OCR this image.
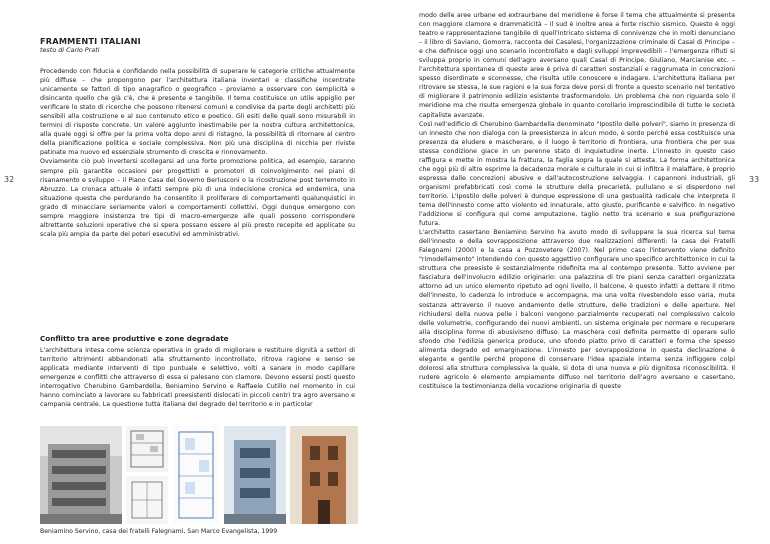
32
FRAMMENTI ITALIANI
testo di Carlo Prati

Procedendo con fiducia e confidando nella possibilità di superare le categorie critiche attualmente più diffuse – che propongono per l'architettura italiana inventari e classifiche incentrate unicamente se fattori di tipo anagrafico o geografico – proviamo a osservare con semplicità e disincanto quello che già c'è, che è presente e tangibile. Il tema costituisce un utile appiglio per verificare lo stato di ricerche che possono ritenersi comuni e condivise da parte degli architetti più sensibili alla costruzione e al suo contenuto etico e poetico. Gli esiti delle quali sono misurabili in termini di risposte concrete. Un valore aggiunto inestimabile per la nostra cultura architettonica, alla quale oggi si offre per la prima volta dopo anni di ristagno, la possibilità di ritornare al centro della pianificazione politica e sociale complessiva. Non più una disciplina di nicchia per riviste patinate ma nuovo ed essenziale strumento di crescita e rinnovamento.

Ovviamente ciò può invertersi scollegarsi ad una forte promozione politica, ad esempio, saranno sempre più garantite occasioni per progettisti e promotori di coinvolgimento nei piani di risanamento e sviluppo – il Piano Casa del Governo Berlusconi o la ricostruzione post terremoto in Abruzzo. La cronaca attuale è infatti sempre più di una indecisione cronica ed endemica, una situazione questa che perdurando ha consentito il proliferare di comportamenti qualunquistici in grado di minacciare seriamente valori e comportamenti collettivi. Oggi dunque emergono con sempre maggiore insistenza tre tipi di macro-emergenze alle quali possono corrispondere altrettante soluzioni operative che si spera possano essere al più presto recepite ed applicate su scala più ampia da parte dei poteri esecutivi ed amministrativi.

Conflitto tra aree produttive e zone degradate

L'architettura intesa come scienza operativa in grado di migliorare e restituire dignità a settori di territorio altrimenti abbandonati alla sfruttamento incontrollato, ritrova ragione e senso se applicata mediante interventi di tipo puntuale e selettivo, volti a sanare in modo capillare emergenze e conflitti che attraverso di essa si palesano con clamore. Devono essersi posti questo interrogativo Cherubino Gambardella, Beniamino Servino e Raffaele Cutillo nel momento in cui hanno cominciato a lavorare su fabbricati preesistenti dislocati in piccoli centri tra agro aversano e campania centrale. La questione tutta italiana del degrado del territorio e in particolar

Beniamino Servino, casa dei fratelli Falegnami, San Marco Evangelista, 1999
33

modo delle aree urbane ed extraurbane del meridione è forse il tema che attualmente si presenta con maggiore clamore e drammaticità – il sud è inoltre area a forte rischio sismico. Questo è oggi teatro e rappresentazione tangibile di quell'intricato sistema di connivenze che in molti denunciano – il libro di Saviano, Gomorra, racconta dei Casalesi, l'organizzazione criminale di Casal di Principe – e che definisce oggi uno scenario incontrollato e dagli sviluppi imprevedibili – l'emergenza rifiuti si sviluppa proprio in comuni dell'agro aversano quali Casal di Principe, Giuliano, Marcianise etc. – l'architettura spontanea di queste aree è priva di caratteri sostanziali e raggrumata in concrezioni spesso disordinate e sconnesse, che risulta utile conoscere e indagare. L'architettura italiana per ritrovare se stessa, le sue ragioni e la sua forza deve porsi di fronte a questo scenario nel tentativo di migliorare il patrimonio edilizio esistente trasformandolo. Un problema che non riguarda solo il meridione ma che risulta emergenza globale in quanto corollario imprescindibile di tutte le società capitaliste avanzate.

Così nell'edificio di Cherubino Gambardella denominato "Ipostilo delle polveri", siamo in presenza di un innesto che non dialoga con la preesistenza in alcun modo, è sordo perché essa costituisce una presenza da eludere e mascherare, e il luogo è territorio di frontiera, una frontiera che per sua stessa condizione giace in un perenne stato di inquietudine inerte. L'innesto in questo caso raffigura e mette in mostra la frattura, la faglia sopra la quale si attesta. La forma architettonica che oggi più di altre esprime la decadenza morale e culturale in cui si infiltra il malaffare, è proprio espressa dalle concrezioni abusive e dall'autocostruzione selvaggia. I capannoni industriali, gli organismi prefabbricati così come le strutture della precarietà, pullulano e si disperdono nel territorio. L'Ipostilo delle polveri è dunque espressione di una gestualità radicale che interpreta il tema dell'innesto come atto violento ed innaturale, atto giusto, purificante e salvifico. In negativo l'addizione si configura qui come amputazione, taglio netto tra scenario e sua prefigurazione futura.

L'architetto casertano Beniamino Servino ha avuto modo di sviluppare la sua ricerca sul tema dell'innesto e della sovrapposizione attraverso due realizzazioni differenti: la casa dei Fratelli Falegnami (2000) e la casa a Pozzovetere (2007). Nel primo caso l'intervento viene definito "rimodellamento" intendendo con questo aggettivo configurare uno specifico architettonico in cui la struttura che preesiste è sostanzialmente ridefinita ma al contempo presente. Tutto avviene per fasciatura dell'involucro edilizio originario: una palazzina di tre piani senza caratteri organizzata attorno ad un unico elemento ripetuto ad ogni livello, il balcone, è questo infatti a dettare il ritmo dell'innesto, lo cadenza lo introduce e accompagna, ma una volta rivestendolo esso varia, muta sostanza attraverso il nuovo andamento delle strutture, delle tradizioni e delle aperture. Nel richiudersi della nuova pelle i balconi vengono parzialmente recuperati nel complessivo calcolo delle volumetrie, configurando dei nuovi ambienti, un sistema originale per normare e recuperare alla disciplina forme di abusivismo diffuso. La maschera così definita permette di operare sullo sfondo che l'edilizia generica produce, uno sfondo piatto privo di caratteri e forma che spesso alimenta degrado ed emarginazione. L'innesto per sovrapposizione in questa declinazione è elegante e gentile perché propone di conservare l'idea spaziale interna senza infliggere colpi dolorosi alla struttura complessiva la quale, si dota di una nuova e più dignitosa riconoscibilità. Il rudere agricolo è elemento ampiamente diffuso nel territorio dell'agro aversano e casertano, costituisce la testimonianza della vocazione originaria di queste
